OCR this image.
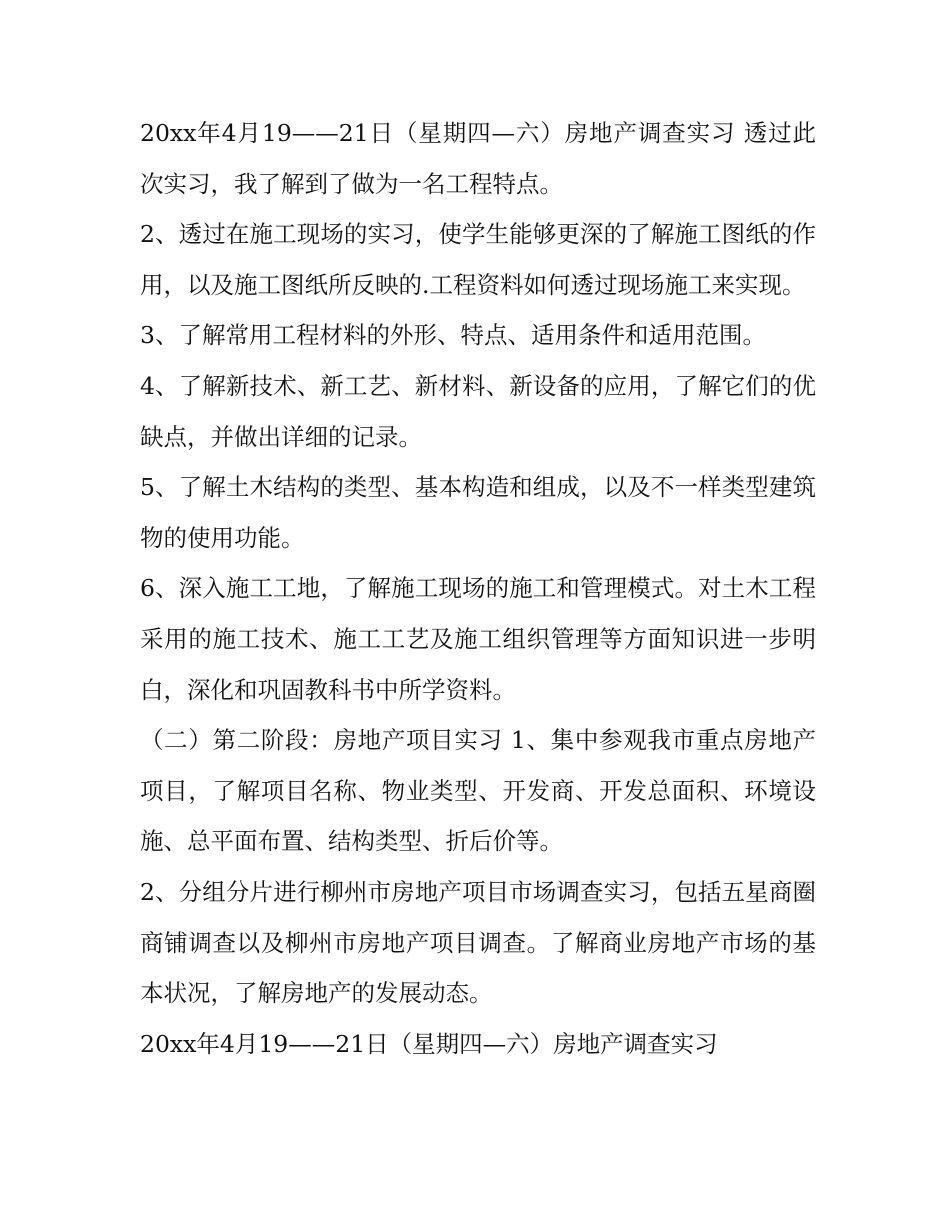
20xx年4月19——21日（星期四—六）房地产调查实习 透过此次实习，我了解到了做为一名工程特点。

2、透过在施工现场的实习，使学生能够更深的了解施工图纸的作用，以及施工图纸所反映的.工程资料如何透过现场施工来实现。

3、了解常用工程材料的外形、特点、适用条件和适用范围。

4、了解新技术、新工艺、新材料、新设备的应用，了解它们的优缺点，并做出详细的记录。

5、了解土木结构的类型、基本构造和组成，以及不一样类型建筑物的使用功能。

6、深入施工工地，了解施工现场的施工和管理模式。对土木工程采用的施工技术、施工工艺及施工组织管理等方面知识进一步明白，深化和巩固教科书中所学资料。

（二）第二阶段：房地产项目实习 1、集中参观我市重点房地产项目，了解项目名称、物业类型、开发商、开发总面积、环境设施、总平面布置、结构类型、折后价等。

2、分组分片进行柳州市房地产项目市场调查实习，包括五星商圈商铺调查以及柳州市房地产项目调查。了解商业房地产市场的基本状况，了解房地产的发展动态。

20xx年4月19——21日（星期四—六）房地产调查实习
